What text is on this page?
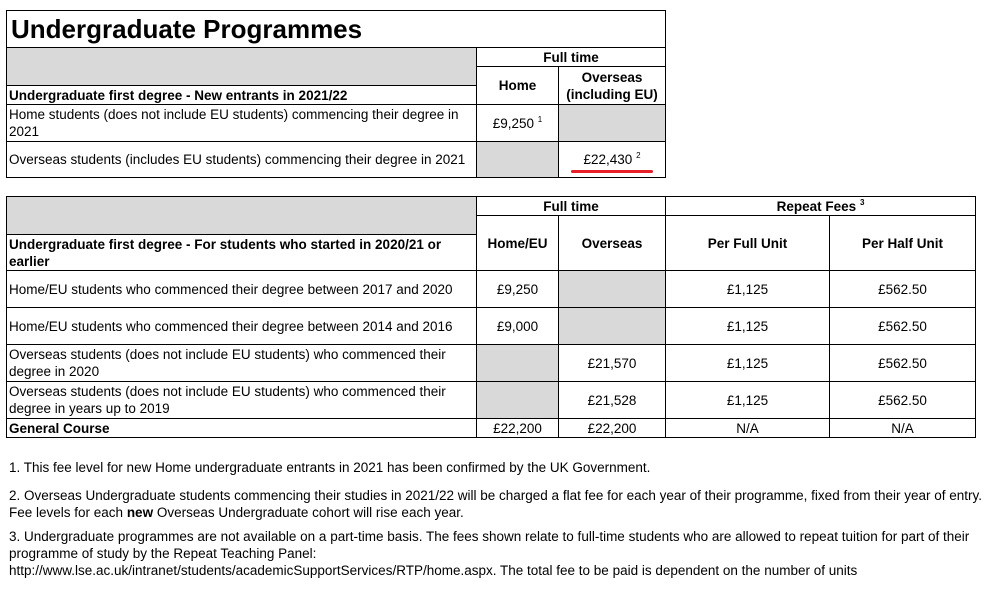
Undergraduate Programmes		
	Full time	
	Home	Overseas
(including EU)
Undergraduate first degree - New entrants in 2021/22		
Home students (does not include EU students) commencing their degree in 2021	£9,250 $^1$	
Overseas students (includes EU students) commencing their degree in 2021		£22,430 $^2$
	Full time		Repeat Fees $^3$
	Home/EU	Overseas	Per Full Unit	Per Half Unit
Undergraduate first degree - For students who started in 2020/21 or earlier				
Home/EU students who commenced their degree between 2017 and 2020	£9,250		£1,125	£562.50
Home/EU students who commenced their degree between 2014 and 2016	£9,000		£1,125	£562.50
Overseas students (does not include EU students) who commenced their degree in 2020		£21,570	£1,125	£562.50
Overseas students (does not include EU students) who commenced their degree in years up to 2019		£21,528	£1,125	£562.50
General Course	£22,200	£22,200	N/A	N/A

1. This fee level for new Home undergraduate entrants in 2021 has been confirmed by the UK Government.

2. Overseas Undergraduate students commencing their studies in 2021/22 will be charged a flat fee for each year of their programme, fixed from their year of entry. Fee levels for each new Overseas Undergraduate cohort will rise each year.

3. Undergraduate programmes are not available on a part-time basis. The fees shown relate to full-time students who are allowed to repeat tuition for part of their programme of study by the Repeat Teaching Panel:
http://www.lse.ac.uk/intranet/students/academicSupportServices/RTP/home.aspx. The total fee to be paid is dependent on the number of units
